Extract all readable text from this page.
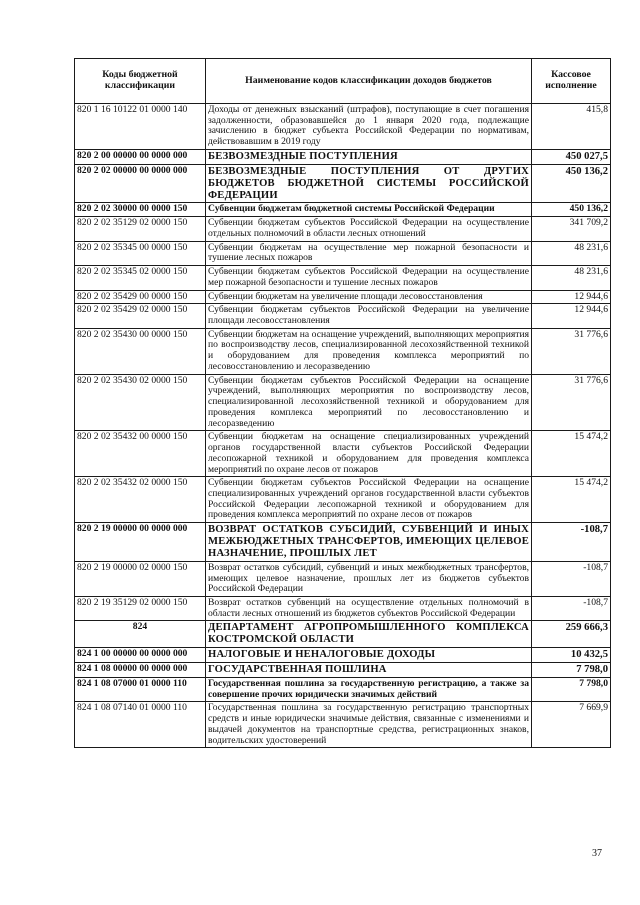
Коды бюджетной классификации	Наименование кодов классификации доходов бюджетов	Кассовое исполнение
820 1 16 10122 01 0000 140	Доходы от денежных взысканий (штрафов), поступающие в счет погашения задолженности, образовавшейся до 1 января 2020 года, подлежащие зачислению в бюджет субъекта Российской Федерации по нормативам, действовавшим в 2019 году	415,8
820 2 00 00000 00 0000 000	БЕЗВОЗМЕЗДНЫЕ ПОСТУПЛЕНИЯ	450 027,5
820 2 02 00000 00 0000 000	БЕЗВОЗМЕЗДНЫЕ ПОСТУПЛЕНИЯ ОТ ДРУГИХ БЮДЖЕТОВ БЮДЖЕТНОЙ СИСТЕМЫ РОССИЙСКОЙ ФЕДЕРАЦИИ	450 136,2
820 2 02 30000 00 0000 150	Субвенции бюджетам бюджетной системы Российской Федерации	450 136,2
820 2 02 35129 02 0000 150	Субвенции бюджетам субъектов Российской Федерации на осуществление отдельных полномочий в области лесных отношений	341 709,2
820 2 02 35345 00 0000 150	Субвенции бюджетам на осуществление мер пожарной безопасности и тушение лесных пожаров	48 231,6
820 2 02 35345 02 0000 150	Субвенции бюджетам субъектов Российской Федерации на осуществление мер пожарной безопасности и тушение лесных пожаров	48 231,6
820 2 02 35429 00 0000 150	Субвенции бюджетам на увеличение площади лесовосстановления	12 944,6
820 2 02 35429 02 0000 150	Субвенции бюджетам субъектов Российской Федерации на увеличение площади лесовосстановления	12 944,6
820 2 02 35430 00 0000 150	Субвенции бюджетам на оснащение учреждений, выполняющих мероприятия по воспроизводству лесов, специализированной лесохозяйственной техникой и оборудованием для проведения комплекса мероприятий по лесовосстановлению и лесоразведению	31 776,6
820 2 02 35430 02 0000 150	Субвенции бюджетам субъектов Российской Федерации на оснащение учреждений, выполняющих мероприятия по воспроизводству лесов, специализированной лесохозяйственной техникой и оборудованием для проведения комплекса мероприятий по лесовосстановлению и лесоразведению	31 776,6
820 2 02 35432 00 0000 150	Субвенции бюджетам на оснащение специализированных учреждений органов государственной власти субъектов Российской Федерации лесопожарной техникой и оборудованием для проведения комплекса мероприятий по охране лесов от пожаров	15 474,2
820 2 02 35432 02 0000 150	Субвенции бюджетам субъектов Российской Федерации на оснащение специализированных учреждений органов государственной власти субъектов Российской Федерации лесопожарной техникой и оборудованием для проведения комплекса мероприятий по охране лесов от пожаров	15 474,2
820 2 19 00000 00 0000 000	ВОЗВРАТ ОСТАТКОВ СУБСИДИЙ, СУБВЕНЦИЙ И ИНЫХ МЕЖБЮДЖЕТНЫХ ТРАНСФЕРТОВ, ИМЕЮЩИХ ЦЕЛЕВОЕ НАЗНАЧЕНИЕ, ПРОШЛЫХ ЛЕТ	-108,7
820 2 19 00000 02 0000 150	Возврат остатков субсидий, субвенций и иных межбюджетных трансфертов, имеющих целевое назначение, прошлых лет из бюджетов субъектов Российской Федерации	-108,7
820 2 19 35129 02 0000 150	Возврат остатков субвенций на осуществление отдельных полномочий в области лесных отношений из бюджетов субъектов Российской Федерации	-108,7
824	ДЕПАРТАМЕНТ АГРОПРОМЫШЛЕННОГО КОМПЛЕКСА КОСТРОМСКОЙ ОБЛАСТИ	259 666,3
824 1 00 00000 00 0000 000	НАЛОГОВЫЕ И НЕНАЛОГОВЫЕ ДОХОДЫ	10 432,5
824 1 08 00000 00 0000 000	ГОСУДАРСТВЕННАЯ ПОШЛИНА	7 798,0
824 1 08 07000 01 0000 110	Государственная пошлина за государственную регистрацию, а также за совершение прочих юридически значимых действий	7 798,0
824 1 08 07140 01 0000 110	Государственная пошлина за государственную регистрацию транспортных средств и иные юридически значимые действия, связанные с изменениями и выдачей документов на транспортные средства, регистрационных знаков, водительских удостоверений	7 669,9
37
